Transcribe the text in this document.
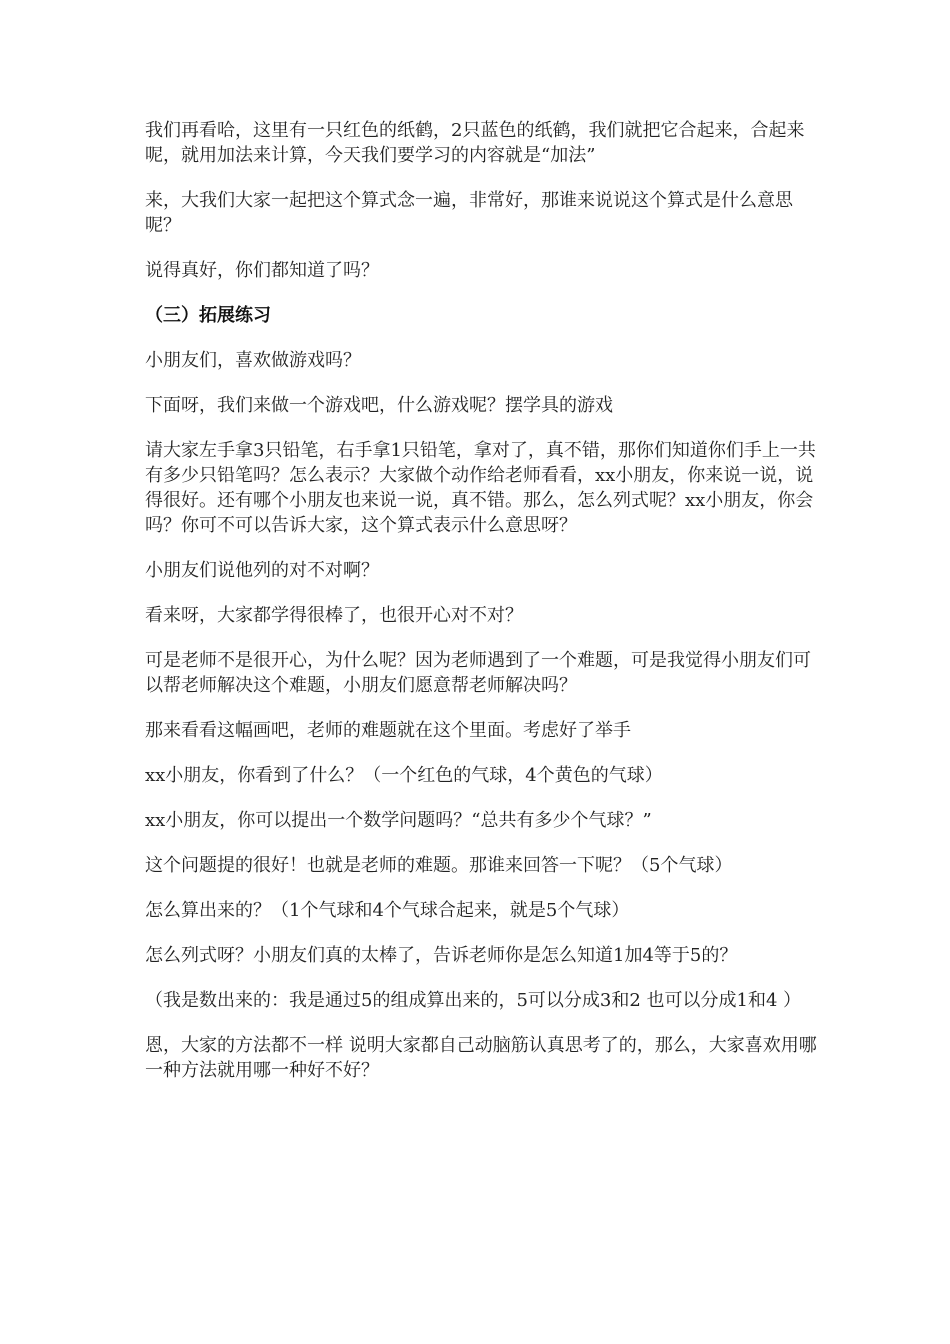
我们再看哈，这里有一只红色的纸鹤，2只蓝色的纸鹤，我们就把它合起来，合起来呢，就用加法来计算，今天我们要学习的内容就是“加法”

来，大我们大家一起把这个算式念一遍，非常好，那谁来说说这个算式是什么意思呢？

说得真好，你们都知道了吗？

（三）拓展练习

小朋友们，喜欢做游戏吗？

下面呀，我们来做一个游戏吧，什么游戏呢？摆学具的游戏

请大家左手拿3只铅笔，右手拿1只铅笔，拿对了，真不错，那你们知道你们手上一共有多少只铅笔吗？怎么表示？大家做个动作给老师看看，xx小朋友，你来说一说，说得很好。还有哪个小朋友也来说一说，真不错。那么，怎么列式呢？xx小朋友，你会吗？你可不可以告诉大家，这个算式表示什么意思呀？

小朋友们说他列的对不对啊？

看来呀，大家都学得很棒了，也很开心对不对？

可是老师不是很开心，为什么呢？因为老师遇到了一个难题，可是我觉得小朋友们可以帮老师解决这个难题，小朋友们愿意帮老师解决吗？

那来看看这幅画吧，老师的难题就在这个里面。考虑好了举手

xx小朋友，你看到了什么？（一个红色的气球，4个黄色的气球）

xx小朋友，你可以提出一个数学问题吗？“总共有多少个气球？”

这个问题提的很好！也就是老师的难题。那谁来回答一下呢？（5个气球）

怎么算出来的？（1个气球和4个气球合起来，就是5个气球）

怎么列式呀？小朋友们真的太棒了，告诉老师你是怎么知道1加4等于5的？

（我是数出来的：我是通过5的组成算出来的，5可以分成3和2 也可以分成1和4 ）

恩，大家的方法都不一样 说明大家都自己动脑筋认真思考了的，那么，大家喜欢用哪一种方法就用哪一种好不好？
